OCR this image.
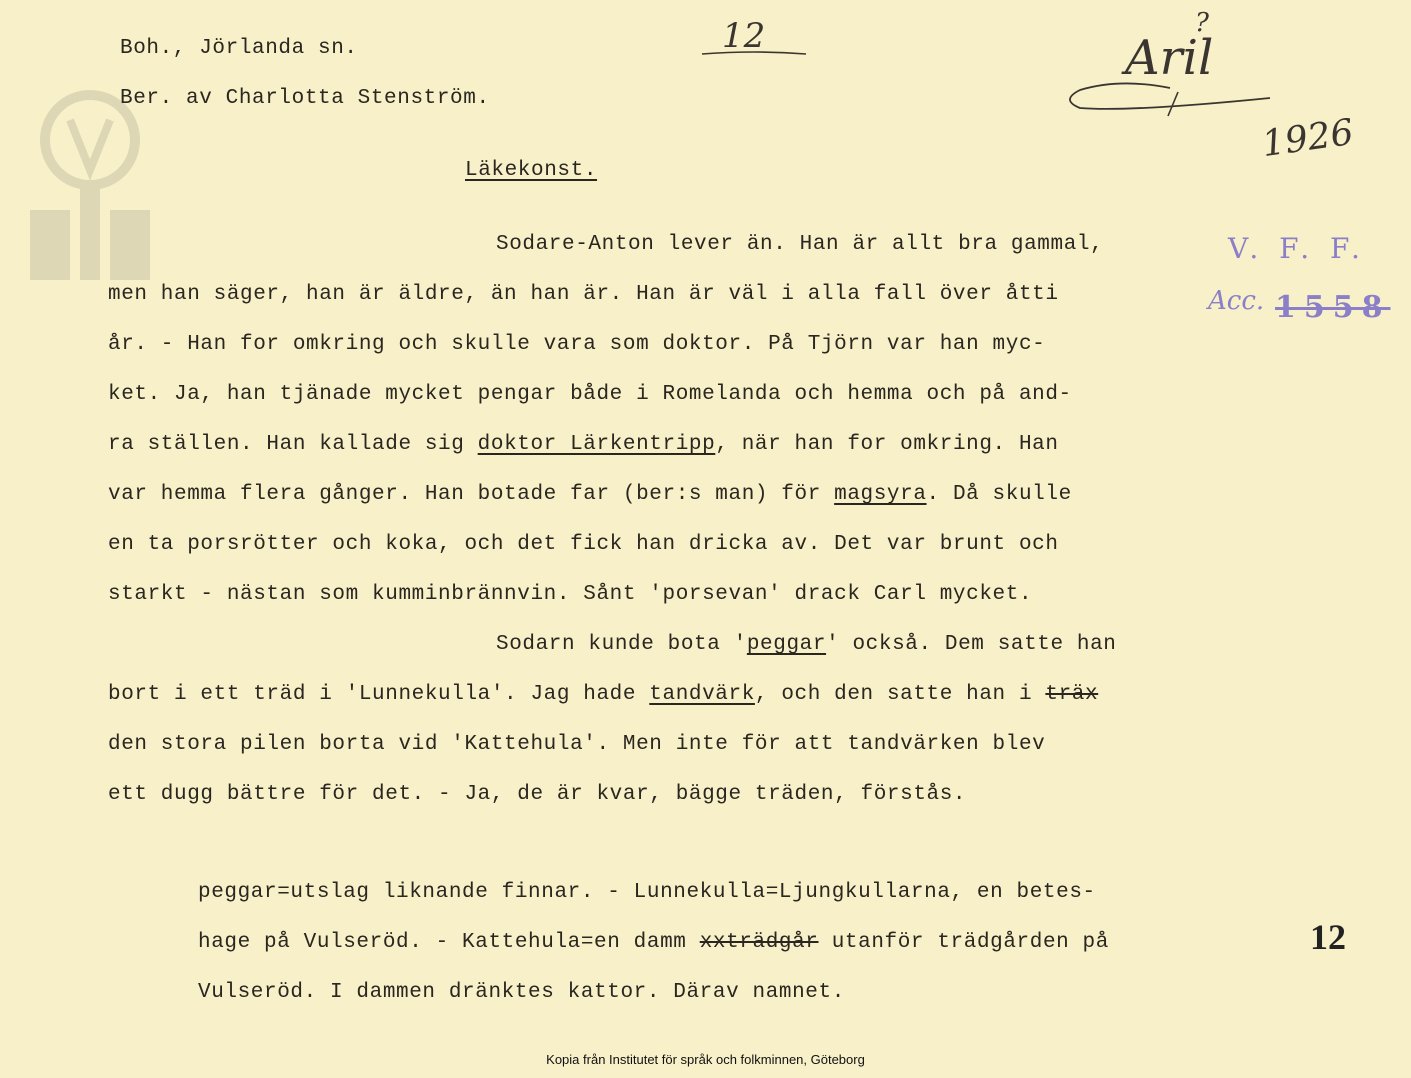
Boh., Jörlanda sn.
Ber. av Charlotta Stenström.
12
Läkekonst.
Aril
?
1926
V. F. F.
Acc. 1558
Sodare-Anton lever än. Han är allt bra gammal,
men han säger, han är äldre, än han är. Han är väl i alla fall över åtti
år. - Han for omkring och skulle vara som doktor. På Tjörn var han myc-
ket. Ja, han tjänade mycket pengar både i Romelanda och hemma och på and-
ra ställen. Han kallade sig doktor Lärkentripp, när han for omkring. Han
var hemma flera gånger. Han botade far (ber:s man) för magsyra. Då skulle
en ta porsrötter och koka, och det fick han dricka av. Det var brunt och
starkt - nästan som kumminbrännvin. Sånt 'porsevan' drack Carl mycket.
Sodarn kunde bota 'peggar' också. Dem satte han
bort i ett träd i 'Lunnekulla'. Jag hade tandvärk, och den satte han i träx
den stora pilen borta vid 'Kattehula'. Men inte för att tandvärken blev
ett dugg bättre för det. - Ja, de är kvar, bägge träden, förstås.
peggar=utslag liknande finnar. - Lunnekulla=Ljungkullarna, en betes-
hage på Vulseröd. - Kattehula=en damm xxträdgår utanför trädgården på
Vulseröd. I dammen dränktes kattor. Därav namnet.
12
Kopia från Institutet för språk och folkminnen, Göteborg
